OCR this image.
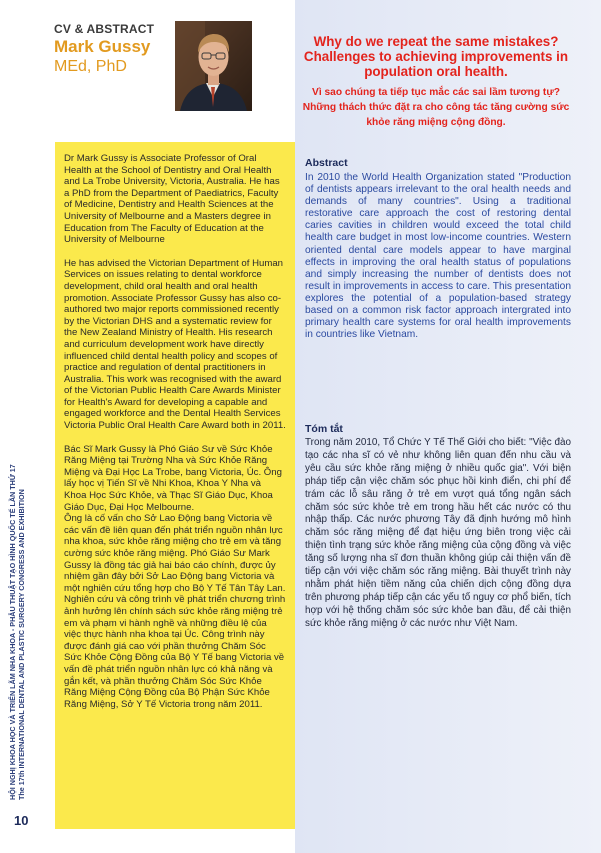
HỘI NGHỊ KHOA HỌC VÀ TRIỂN LÃM NHA KHOA - PHẪU THUẬT TẠO HÌNH QUỐC TẾ LẦN THỨ 17 The 17th INTERNATIONAL DENTAL AND PLASTIC SURGERY CONGRESS AND EXHIBITION
10
CV & ABSTRACT
Mark Gussy
MEd, PhD

Dr Mark Gussy is Associate Professor of Oral Health at the School of Dentistry and Oral Health and La Trobe University, Victoria, Australia. He has a PhD from the Department of Paediatrics, Faculty of Medicine, Dentistry and Health Sciences at the University of Melbourne and a Masters degree in Education from The Faculty of Education at the University of Melbourne

He has advised the Victorian Department of Human Services on issues relating to dental workforce development, child oral health and oral health promotion. Associate Professor Gussy has also co-authored two major reports commissioned recently by the Victorian DHS and a systematic review for the New Zealand Ministry of Health. His research and curriculum development work have directly influenced child dental health policy and scopes of practice and regulation of dental practitioners in Australia. This work was recognised with the award of the Victorian Public Health Care Awards Minister for Health's Award for developing a capable and engaged workforce and the Dental Health Services Victoria Public Oral Health Care Award both in 2011.

Bác Sĩ Mark Gussy là Phó Giáo Sư về Sức Khỏe Răng Miệng tại Trường Nha và Sức Khỏe Răng Miệng và Đại Học La Trobe, bang Victoria, Úc. Ông lấy học vị Tiến Sĩ về Nhi Khoa, Khoa Y Nha và Khoa Học Sức Khỏe, và Thạc Sĩ Giáo Dục, Khoa Giáo Dục, Đại Học Melbourne.

Ông là cố vấn cho Sở Lao Động bang Victoria về các vấn đề liên quan đến phát triển nguồn nhân lực nha khoa, sức khỏe răng miệng cho trẻ em và tăng cường sức khỏe răng miệng. Phó Giáo Sư Mark Gussy là đồng tác giả hai báo cáo chính, được ủy nhiệm gần đây bởi Sở Lao Động bang Victoria và một nghiên cứu tổng hợp cho Bộ Y Tế Tân Tây Lan. Nghiên cứu và công trình về phát triển chương trình ảnh hưởng lên chính sách sức khỏe răng miệng trẻ em và phạm vi hành nghề và những điều lệ của việc thực hành nha khoa tại Úc. Công trình này được đánh giá cao với phần thưởng Chăm Sóc Sức Khỏe Cộng Đồng của Bộ Y Tế bang Victoria về vấn đề phát triển nguồn nhân lực có khả năng và gắn kết, và phần thưởng Chăm Sóc Sức Khỏe Răng Miệng Cộng Đồng của Bộ Phận Sức Khỏe Răng Miệng, Sở Y Tế Victoria trong năm 2011.

Why do we repeat the same mistakes? Challenges to achieving improvements in population oral health.
Vì sao chúng ta tiếp tục mắc các sai lầm tương tự? Những thách thức đặt ra cho công tác tăng cường sức khỏe răng miệng cộng đồng.
Abstract
In 2010 the World Health Organization stated "Production of dentists appears irrelevant to the oral health needs and demands of many countries". Using a traditional restorative care approach the cost of restoring dental caries cavities in children would exceed the total child health care budget in most low-income countries. Western oriented dental care models appear to have marginal effects in improving the oral health status of populations and simply increasing the number of dentists does not result in improvements in access to care. This presentation explores the potential of a population-based strategy based on a common risk factor approach intergrated into primary health care systems for oral health improvements in countries like Vietnam.
Tóm tắt
Trong năm 2010, Tổ Chức Y Tế Thế Giới cho biết: "Việc đào tạo các nha sĩ có vẻ như không liên quan đến nhu cầu và yêu cầu sức khỏe răng miệng ở nhiều quốc gia". Với biện pháp tiếp cận việc chăm sóc phục hồi kinh điển, chi phí để trám các lỗ sâu răng ở trẻ em vượt quá tổng ngân sách chăm sóc sức khỏe trẻ em trong hầu hết các nước có thu nhập thấp. Các nước phương Tây đã định hướng mô hình chăm sóc răng miệng để đạt hiệu ứng biên trong việc cải thiện tình trạng sức khỏe răng miệng của cộng đồng và việc tăng số lượng nha sĩ đơn thuần không giúp cải thiện vấn đề tiếp cận với việc chăm sóc răng miệng. Bài thuyết trình này nhằm phát hiện tiềm năng của chiến dịch cộng đồng dựa trên phương pháp tiếp cận các yếu tố nguy cơ phổ biến, tích hợp với hệ thống chăm sóc sức khỏe ban đầu, để cải thiện sức khỏe răng miệng ở các nước như Việt Nam.
